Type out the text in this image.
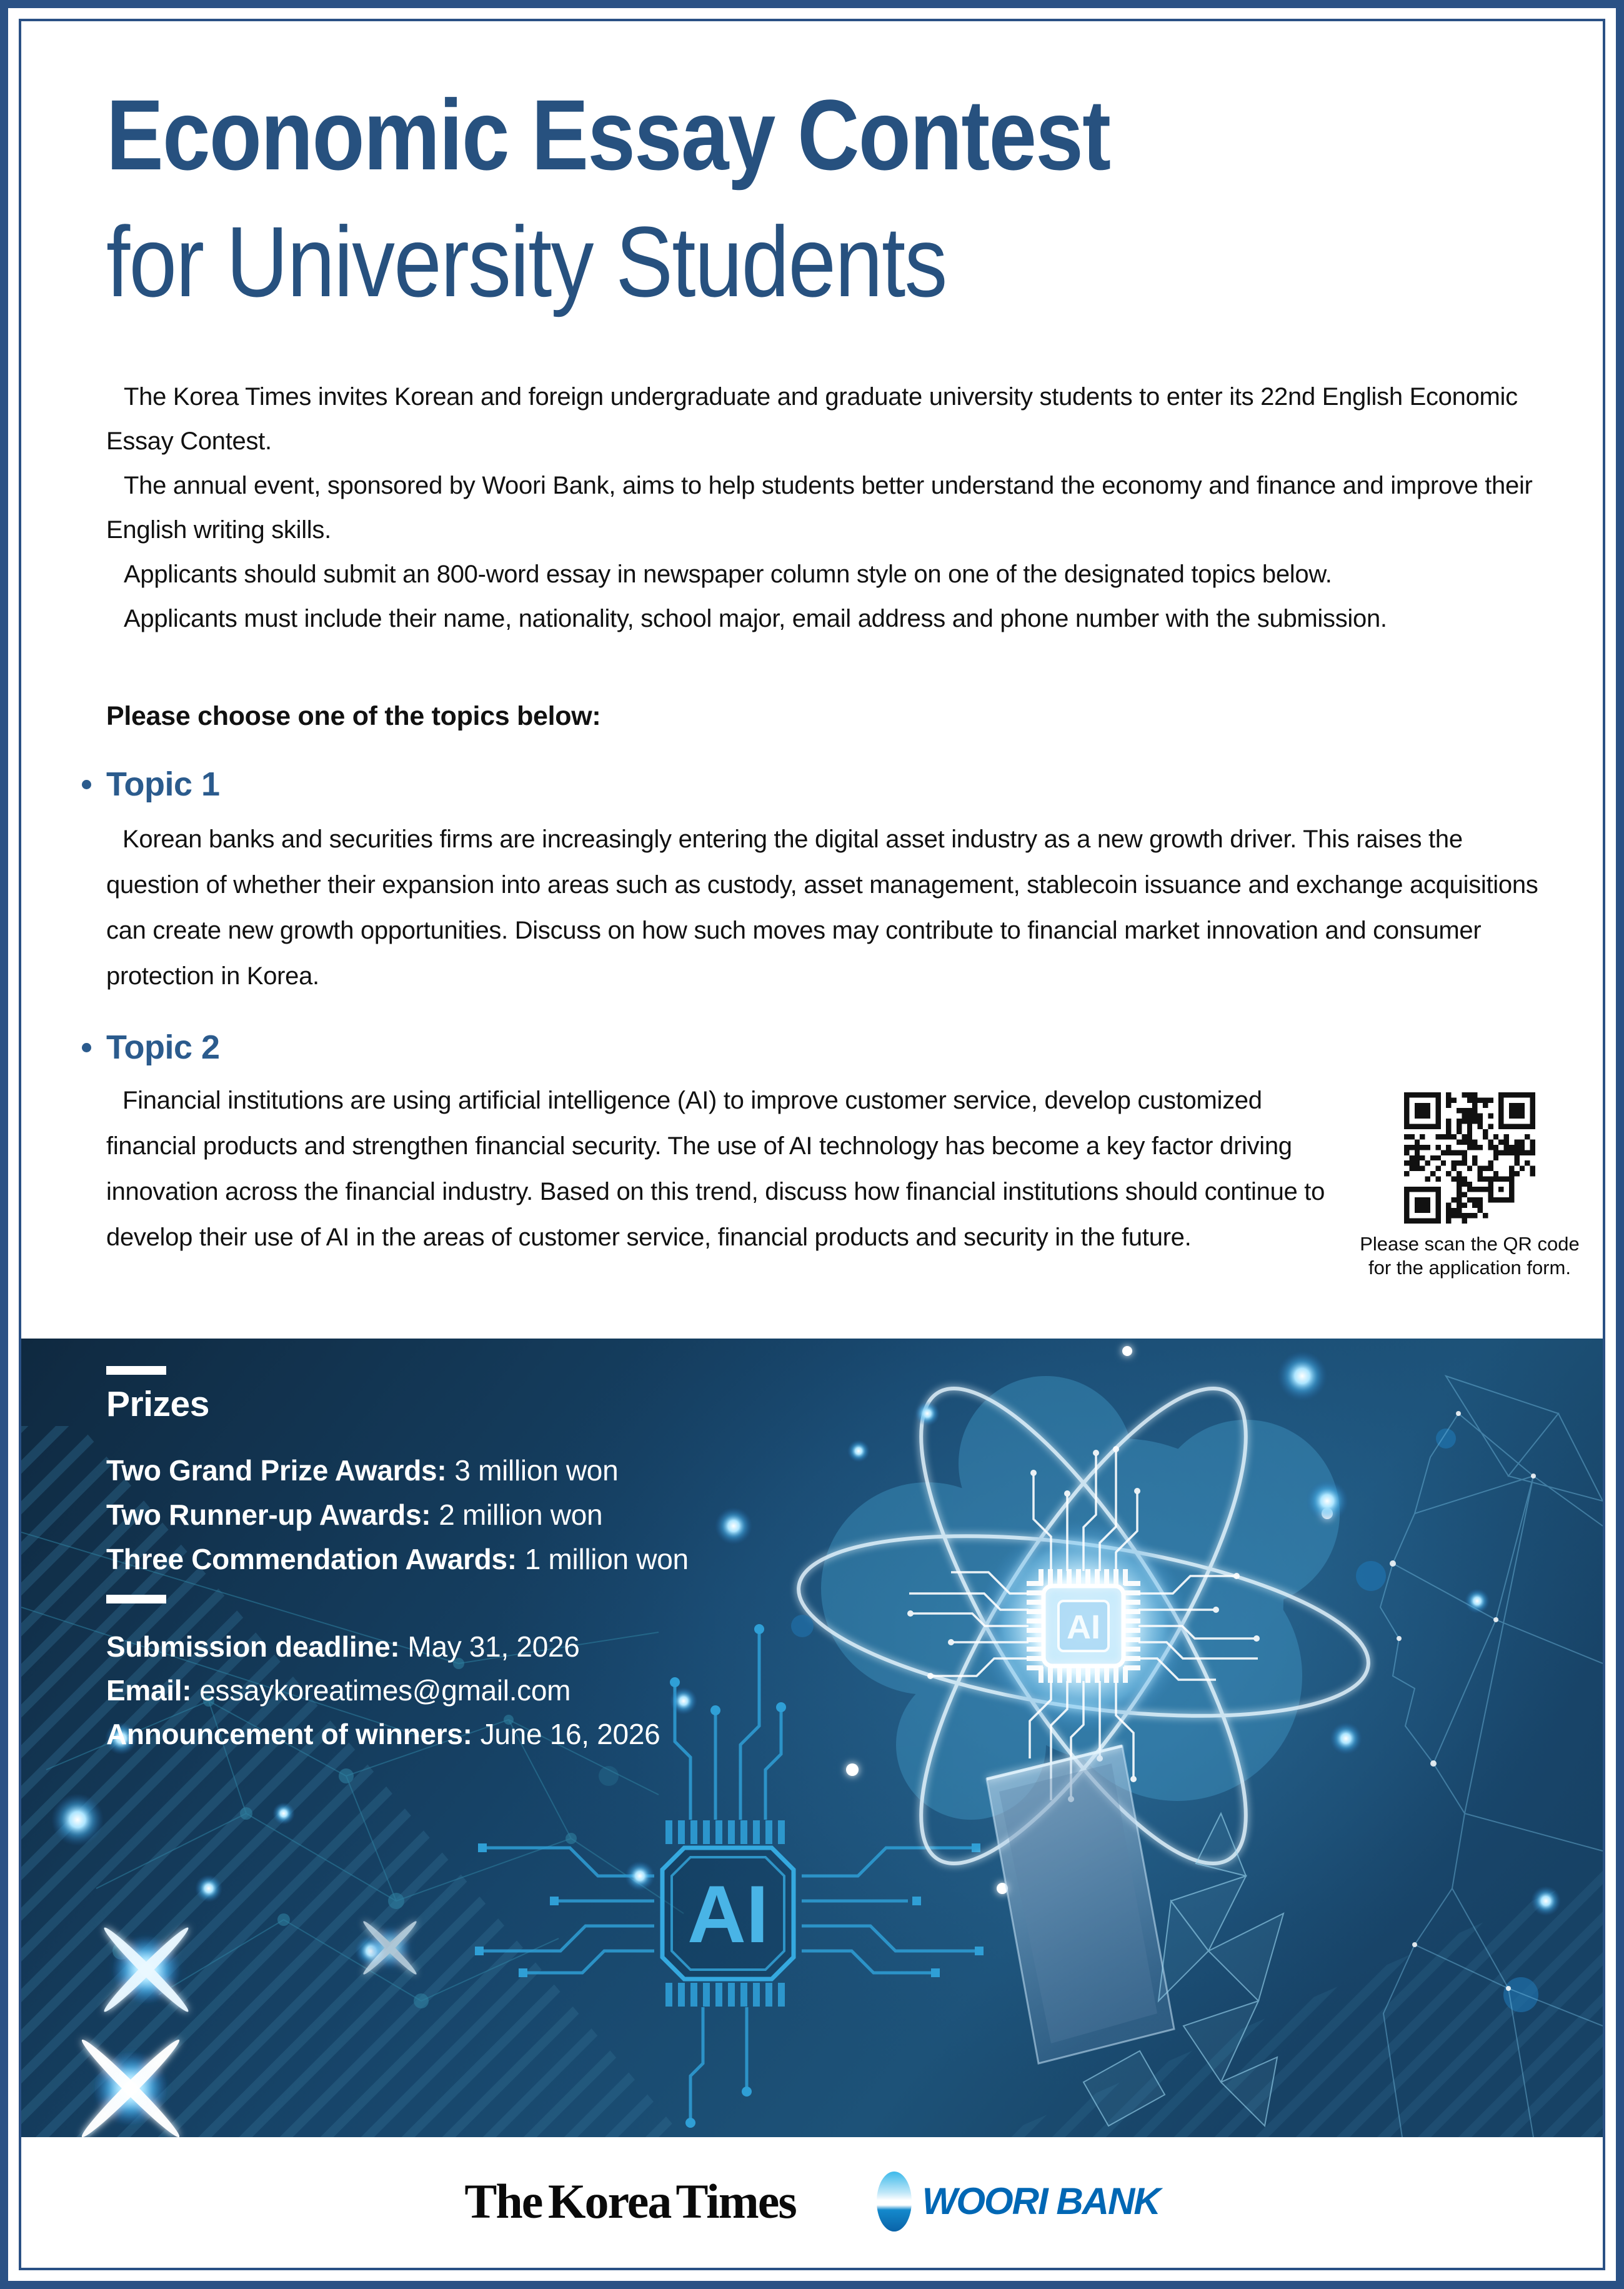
Economic Essay Contest
for University Students

The Korea Times invites Korean and foreign undergraduate and graduate university students to enter its 22nd English Economic Essay Contest.

The annual event, sponsored by Woori Bank, aims to help students better understand the economy and finance and improve their English writing skills.

Applicants should submit an 800-word essay in newspaper column style on one of the designated topics below.

Applicants must include their name, nationality, school major, email address and phone number with the submission.

Please choose one of the topics below:
Topic 1
Korean banks and securities firms are increasingly entering the digital asset industry as a new growth driver. This raises the question of whether their expansion into areas such as custody, asset management, stablecoin issuance and exchange acquisitions can create new growth opportunities. Discuss on how such moves may contribute to financial market innovation and consumer protection in Korea.
Topic 2
Financial institutions are using artificial intelligence (AI) to improve customer service, develop customized financial products and strengthen financial security. The use of AI technology has become a key factor driving innovation across the financial industry. Based on this trend, discuss how financial institutions should continue to develop their use of AI in the areas of customer service, financial products and security in the future.	Please scan the QR code
for the application form.
AI
AI
Prizes
Two Grand Prize Awards: 3 million won
Two Runner-up Awards: 2 million won
Three Commendation Awards: 1 million won
Submission deadline: May 31, 2026
Email: essaykoreatimes@gmail.com
Announcement of winners: June 16, 2026
The Korea Times	WOORI BANK
